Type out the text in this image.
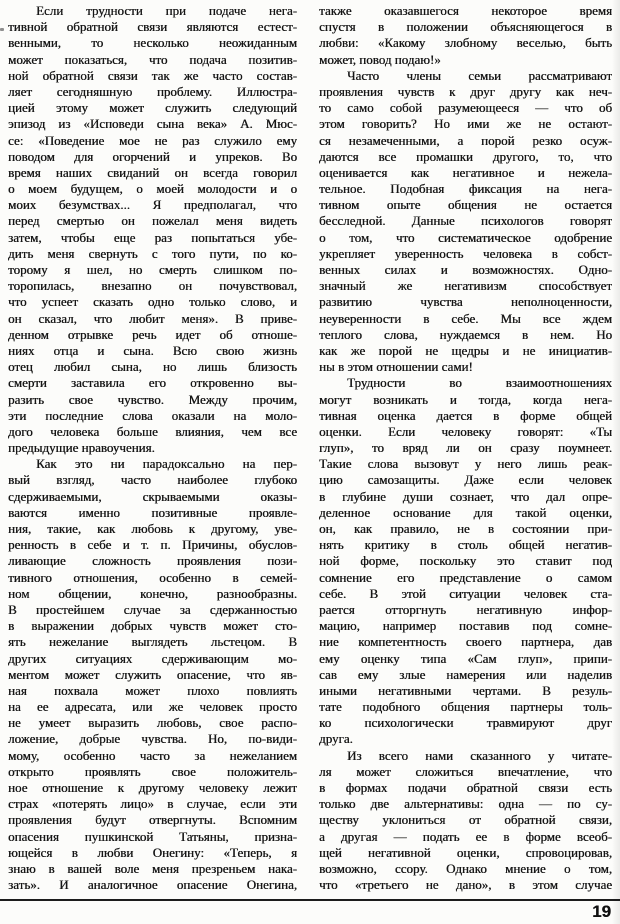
Если трудности при подаче нега-
тивной обратной связи являются естест-
венными, то несколько неожиданным
может показаться, что подача позитив-
ной обратной связи так же часто состав-
ляет сегодняшную проблему. Иллюстра-
цией этому может служить следующий
эпизод из «Исповеди сына века» А. Мюс-
се: «Поведение мое не раз служило ему
поводом для огорчений и упреков. Во
время наших свиданий он всегда говорил
о моем будущем, о моей молодости и о
моих безумствах... Я предполагал, что
перед смертью он пожелал меня видеть
затем, чтобы еще раз попытаться убе-
дить меня свернуть с того пути, по ко-
торому я шел, но смерть слишком по-
торопилась, внезапно он почувствовал,
что успеет сказать одно только слово, и
он сказал, что любит меня». В приве-
денном отрывке речь идет об отноше-
ниях отца и сына. Всю свою жизнь
отец любил сына, но лишь близость
смерти заставила его откровенно вы-
разить свое чувство. Между прочим,
эти последние слова оказали на моло-
дого человека больше влияния, чем все
предыдущие нравоучения.
Как это ни парадоксально на пер-
вый взгляд, часто наиболее глубоко
сдерживаемыми, скрываемыми оказы-
ваются именно позитивные проявле-
ния, такие, как любовь к другому, уве-
ренность в себе и т. п. Причины, обуслов-
ливающие сложность проявления пози-
тивного отношения, особенно в семей-
ном общении, конечно, разнообразны.
В простейшем случае за сдержанностью
в выражении добрых чувств может сто-
ять нежелание выглядеть льстецом. В
других ситуациях сдерживающим мо-
ментом может служить опасение, что яв-
ная похвала может плохо повлиять
на ее адресата, или же человек просто
не умеет выразить любовь, свое распо-
ложение, добрые чувства. Но, по-види-
мому, особенно часто за нежеланием
открыто проявлять свое положитель-
ное отношение к другому человеку лежит
страх «потерять лицо» в случае, если эти
проявления будут отвергнуты. Вспомним
опасения пушкинской Татьяны, призна-
ющейся в любви Онегину: «Теперь, я
знаю в вашей воле меня презреньем нака-
зать». И аналогичное опасение Онегина,
также оказавшегося некоторое время
спустя в положении объясняющегося в
любви: «Какому злобному веселью, быть
может, повод подаю!»
Часто члены семьи рассматривают
проявления чувств к друг другу как неч-
то само собой разумеющееся — что об
этом говорить? Но ими же не остают-
ся незамеченными, а порой резко осуж-
даются все промашки другого, то, что
оценивается как негативное и нежела-
тельное. Подобная фиксация на нега-
тивном опыте общения не остается
бесследной. Данные психологов говорят
о том, что систематическое одобрение
укрепляет уверенность человека в собст-
венных силах и возможностях. Одно-
значный же негативизм способствует
развитию чувства неполноценности,
неуверенности в себе. Мы все ждем
теплого слова, нуждаемся в нем. Но
как же порой не щедры и не инициатив-
ны в этом отношении сами!
Трудности во взаимоотношениях
могут возникать и тогда, когда нега-
тивная оценка дается в форме общей
оценки. Если человеку говорят: «Ты
глуп», то вряд ли он сразу поумнеет.
Такие слова вызовут у него лишь реак-
цию самозащиты. Даже если человек
в глубине души сознает, что дал опре-
деленное основание для такой оценки,
он, как правило, не в состоянии при-
нять критику в столь общей негатив-
ной форме, поскольку это ставит под
сомнение его представление о самом
себе. В этой ситуации человек ста-
рается отторгнуть негативную инфор-
мацию, например поставив под сомне-
ние компетентность своего партнера, дав
ему оценку типа «Сам глуп», припи-
сав ему злые намерения или наделив
иными негативными чертами. В резуль-
тате подобного общения партнеры толь-
ко психологически травмируют друг
друга.
Из всего нами сказанного у читате-
ля может сложиться впечатление, что
в формах подачи обратной связи есть
только две альтернативы: одна — по су-
ществу уклониться от обратной связи,
а другая — подать ее в форме всеоб-
щей негативной оценки, спровоцировав,
возможно, ссору. Однако мнение о том,
что «третьего не дано», в этом случае
19
